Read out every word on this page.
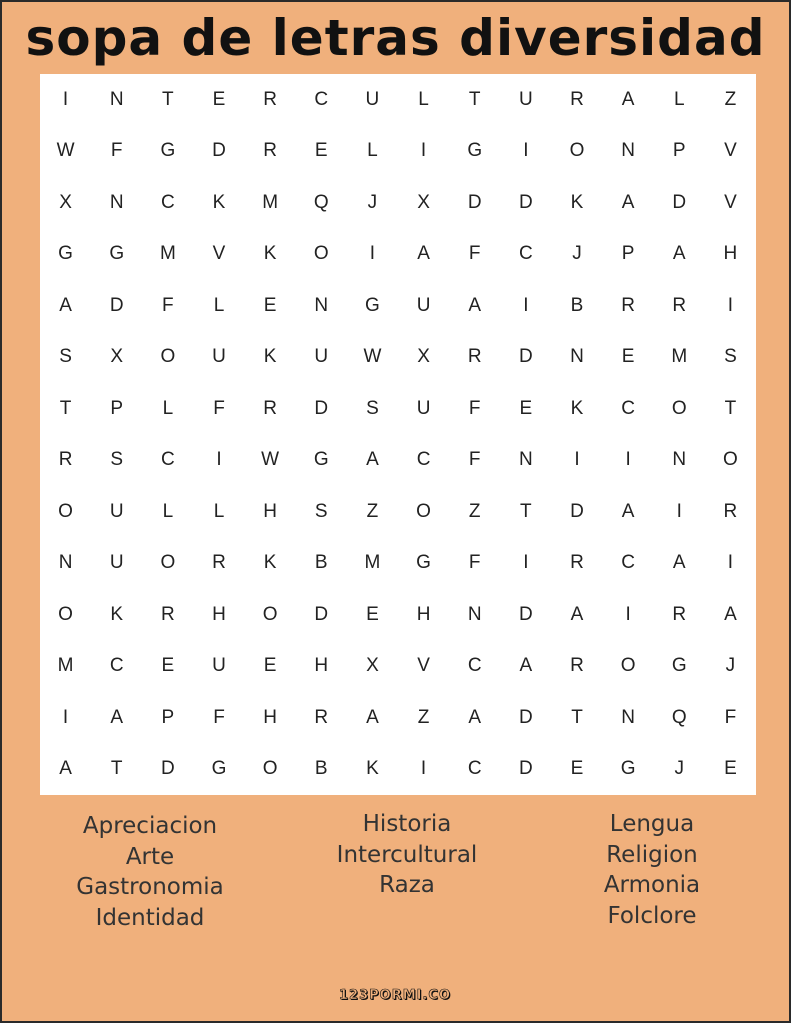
sopa de letras diversidad
I	N	T	E	R	C	U	L	T	U	R	A	L	Z
W	F	G	D	R	E	L	I	G	I	O	N	P	V
X	N	C	K	M	Q	J	X	D	D	K	A	D	V
G	G	M	V	K	O	I	A	F	C	J	P	A	H
A	D	F	L	E	N	G	U	A	I	B	R	R	I
S	X	O	U	K	U	W	X	R	D	N	E	M	S
T	P	L	F	R	D	S	U	F	E	K	C	O	T
R	S	C	I	W	G	A	C	F	N	I	I	N	O
O	U	L	L	H	S	Z	O	Z	T	D	A	I	R
N	U	O	R	K	B	M	G	F	I	R	C	A	I
O	K	R	H	O	D	E	H	N	D	A	I	R	A
M	C	E	U	E	H	X	V	C	A	R	O	G	J
I	A	P	F	H	R	A	Z	A	D	T	N	Q	F
A	T	D	G	O	B	K	I	C	D	E	G	J	E
Apreciacion
Arte
Gastronomia
Identidad
Historia
Intercultural
Raza
Lengua
Religion
Armonia
Folclore
123PORMI.CO
